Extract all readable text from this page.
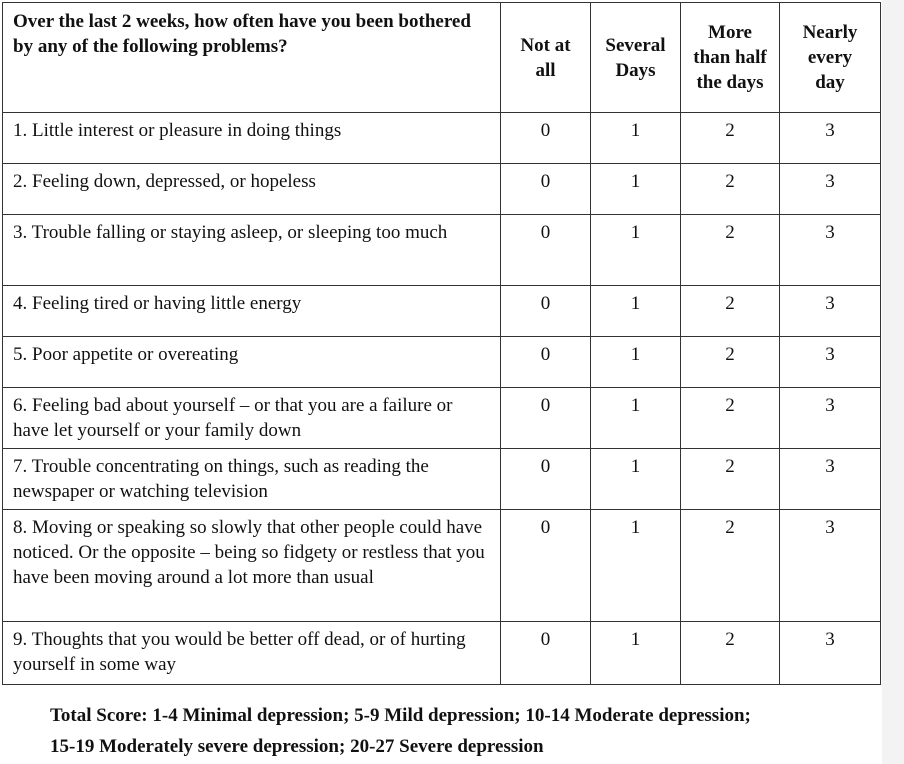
Over the last 2 weeks, how often have you been bothered by any of the following problems?	Not at all	Several Days	More than half the days	Nearly every day
1. Little interest or pleasure in doing things	0	1	2	3
2. Feeling down, depressed, or hopeless	0	1	2	3
3. Trouble falling or staying asleep, or sleeping too much	0	1	2	3
4. Feeling tired or having little energy	0	1	2	3
5. Poor appetite or overeating	0	1	2	3
6. Feeling bad about yourself – or that you are a failure or have let yourself or your family down	0	1	2	3
7. Trouble concentrating on things, such as reading the newspaper or watching television	0	1	2	3
8. Moving or speaking so slowly that other people could have noticed. Or the opposite – being so fidgety or restless that you have been moving around a lot more than usual	0	1	2	3
9. Thoughts that you would be better off dead, or of hurting yourself in some way	0	1	2	3
Total Score: 1-4 Minimal depression; 5-9 Mild depression; 10-14 Moderate depression;
15-19 Moderately severe depression; 20-27 Severe depression
